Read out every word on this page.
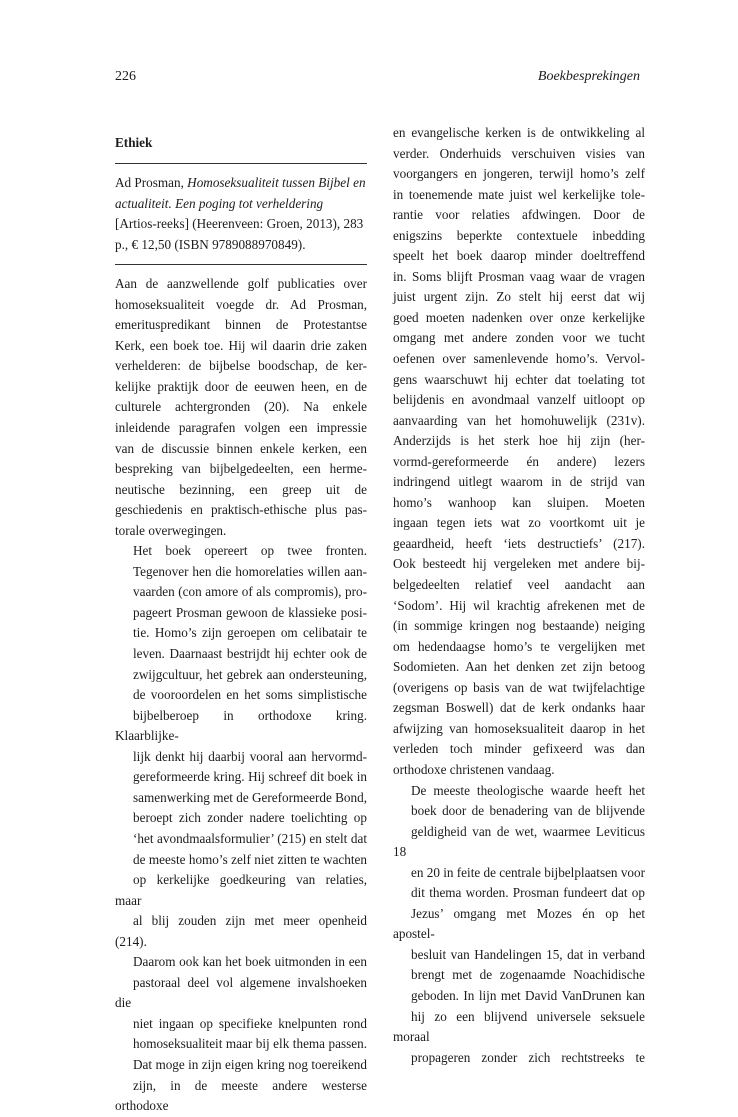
226	Boekbesprekingen
Ethiek

Ad Prosman, Homoseksualiteit tussen Bijbel en actualiteit. Een poging tot verheldering [Artios-reeks] (Heerenveen: Groen, 2013), 283 p., € 12,50 (ISBN 9789088970849).

Aan de aanzwellende golf publicaties over
homoseksualiteit voegde dr. Ad Prosman,
emerituspredikant binnen de Protestantse
Kerk, een boek toe. Hij wil daarin drie zaken
verhelderen: de bijbelse boodschap, de ker-
kelijke praktijk door de eeuwen heen, en de
culturele achtergronden (20). Na enkele
inleidende paragrafen volgen een impressie
van de discussie binnen enkele kerken, een
bespreking van bijbelgedeelten, een herme-
neutische bezinning, een greep uit de
geschiedenis en praktisch-ethische plus pas-
torale overwegingen.

Het boek opereert op twee fronten.
Tegenover hen die homorelaties willen aan-
vaarden (con amore of als compromis), pro-
pageert Prosman gewoon de klassieke posi-
tie. Homo’s zijn geroepen om celibatair te
leven. Daarnaast bestrijdt hij echter ook de
zwijgcultuur, het gebrek aan ondersteuning,
de vooroordelen en het soms simplistische
bijbelberoep in orthodoxe kring. Klaarblijke-
lijk denkt hij daarbij vooral aan hervormd-
gereformeerde kring. Hij schreef dit boek in
samenwerking met de Gereformeerde Bond,
beroept zich zonder nadere toelichting op
‘het avondmaalsformulier’ (215) en stelt dat
de meeste homo’s zelf niet zitten te wachten
op kerkelijke goedkeuring van relaties, maar
al blij zouden zijn met meer openheid (214).
Daarom ook kan het boek uitmonden in een
pastoraal deel vol algemene invalshoeken die
niet ingaan op specifieke knelpunten rond
homoseksualiteit maar bij elk thema passen.
Dat moge in zijn eigen kring nog toereikend
zijn, in de meeste andere westerse orthodoxe

en evangelische kerken is de ontwikkeling al
verder. Onderhuids verschuiven visies van
voorgangers en jongeren, terwijl homo’s zelf
in toenemende mate juist wel kerkelijke tole-
rantie voor relaties afdwingen. Door de
enigszins beperkte contextuele inbedding
speelt het boek daarop minder doeltreffend
in. Soms blijft Prosman vaag waar de vragen
juist urgent zijn. Zo stelt hij eerst dat wij
goed moeten nadenken over onze kerkelijke
omgang met andere zonden voor we tucht
oefenen over samenlevende homo’s. Vervol-
gens waarschuwt hij echter dat toelating tot
belijdenis en avondmaal vanzelf uitloopt op
aanvaarding van het homohuwelijk (231v).
Anderzijds is het sterk hoe hij zijn (her-
vormd-gereformeerde én andere) lezers
indringend uitlegt waarom in de strijd van
homo’s wanhoop kan sluipen. Moeten
ingaan tegen iets wat zo voortkomt uit je
geaardheid, heeft ‘iets destructiefs’ (217).
Ook besteedt hij vergeleken met andere bij-
belgedeelten relatief veel aandacht aan
‘Sodom’. Hij wil krachtig afrekenen met de
(in sommige kringen nog bestaande) neiging
om hedendaagse homo’s te vergelijken met
Sodomieten. Aan het denken zet zijn betoog
(overigens op basis van de wat twijfelachtige
zegsman Boswell) dat de kerk ondanks haar
afwijzing van homoseksualiteit daarop in het
verleden toch minder gefixeerd was dan
orthodoxe christenen vandaag.

De meeste theologische waarde heeft het
boek door de benadering van de blijvende
geldigheid van de wet, waarmee Leviticus 18
en 20 in feite de centrale bijbelplaatsen voor
dit thema worden. Prosman fundeert dat op
Jezus’ omgang met Mozes én op het apostel-
besluit van Handelingen 15, dat in verband
brengt met de zogenaamde Noachidische
geboden. In lijn met David VanDrunen kan
hij zo een blijvend universele seksuele moraal
propageren zonder zich rechtstreeks te
